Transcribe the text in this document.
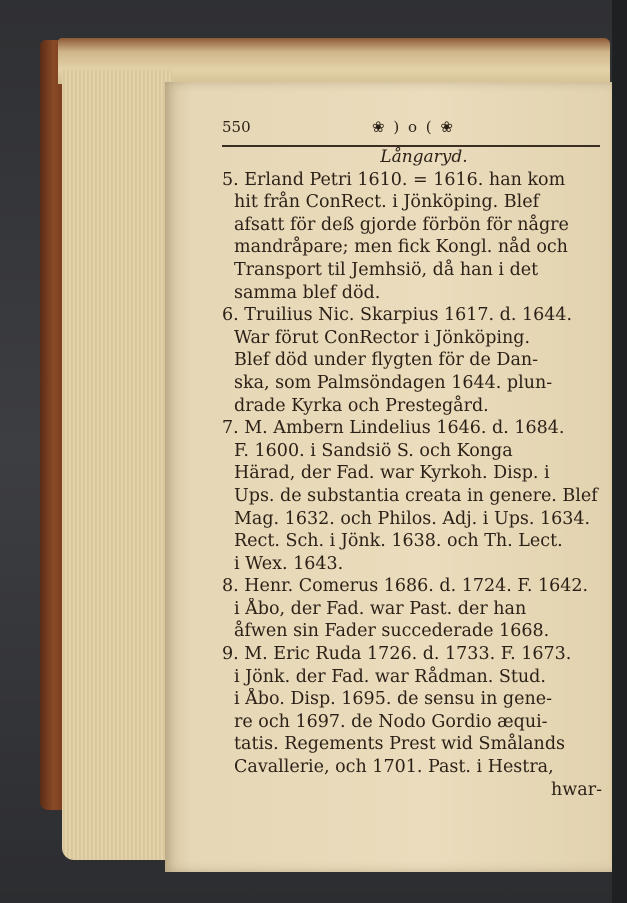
550	❀ ) o ( ❀
Långaryd.
5. Erland Petri 1610. = 1616. han kom
hit från ConRect. i Jönköping. Blef
afsatt för deß gjorde förbön för någre
mandråpare; men fick Kongl. nåd och
Transport til Jemhsiö, då han i det
samma blef död.
6. Truilius Nic. Skarpius 1617. d. 1644.
War förut ConRector i Jönköping.
Blef död under flygten för de Dan-
ska, som Palmsöndagen 1644. plun-
drade Kyrka och Prestegård.
7. M. Ambern Lindelius 1646. d. 1684.
F. 1600. i Sandsiö S. och Konga
Härad, der Fad. war Kyrkoh. Disp. i
Ups. de substantia creata in genere. Blef
Mag. 1632. och Philos. Adj. i Ups. 1634.
Rect. Sch. i Jönk. 1638. och Th. Lect.
i Wex. 1643.
8. Henr. Comerus 1686. d. 1724. F. 1642.
i Åbo, der Fad. war Past. der han
åfwen sin Fader succederade 1668.
9. M. Eric Ruda 1726. d. 1733. F. 1673.
i Jönk. der Fad. war Rådman. Stud.
i Åbo. Disp. 1695. de sensu in gene-
re och 1697. de Nodo Gordio æqui-
tatis. Regements Prest wid Smålands
Cavallerie, och 1701. Past. i Hestra,
hwar-
